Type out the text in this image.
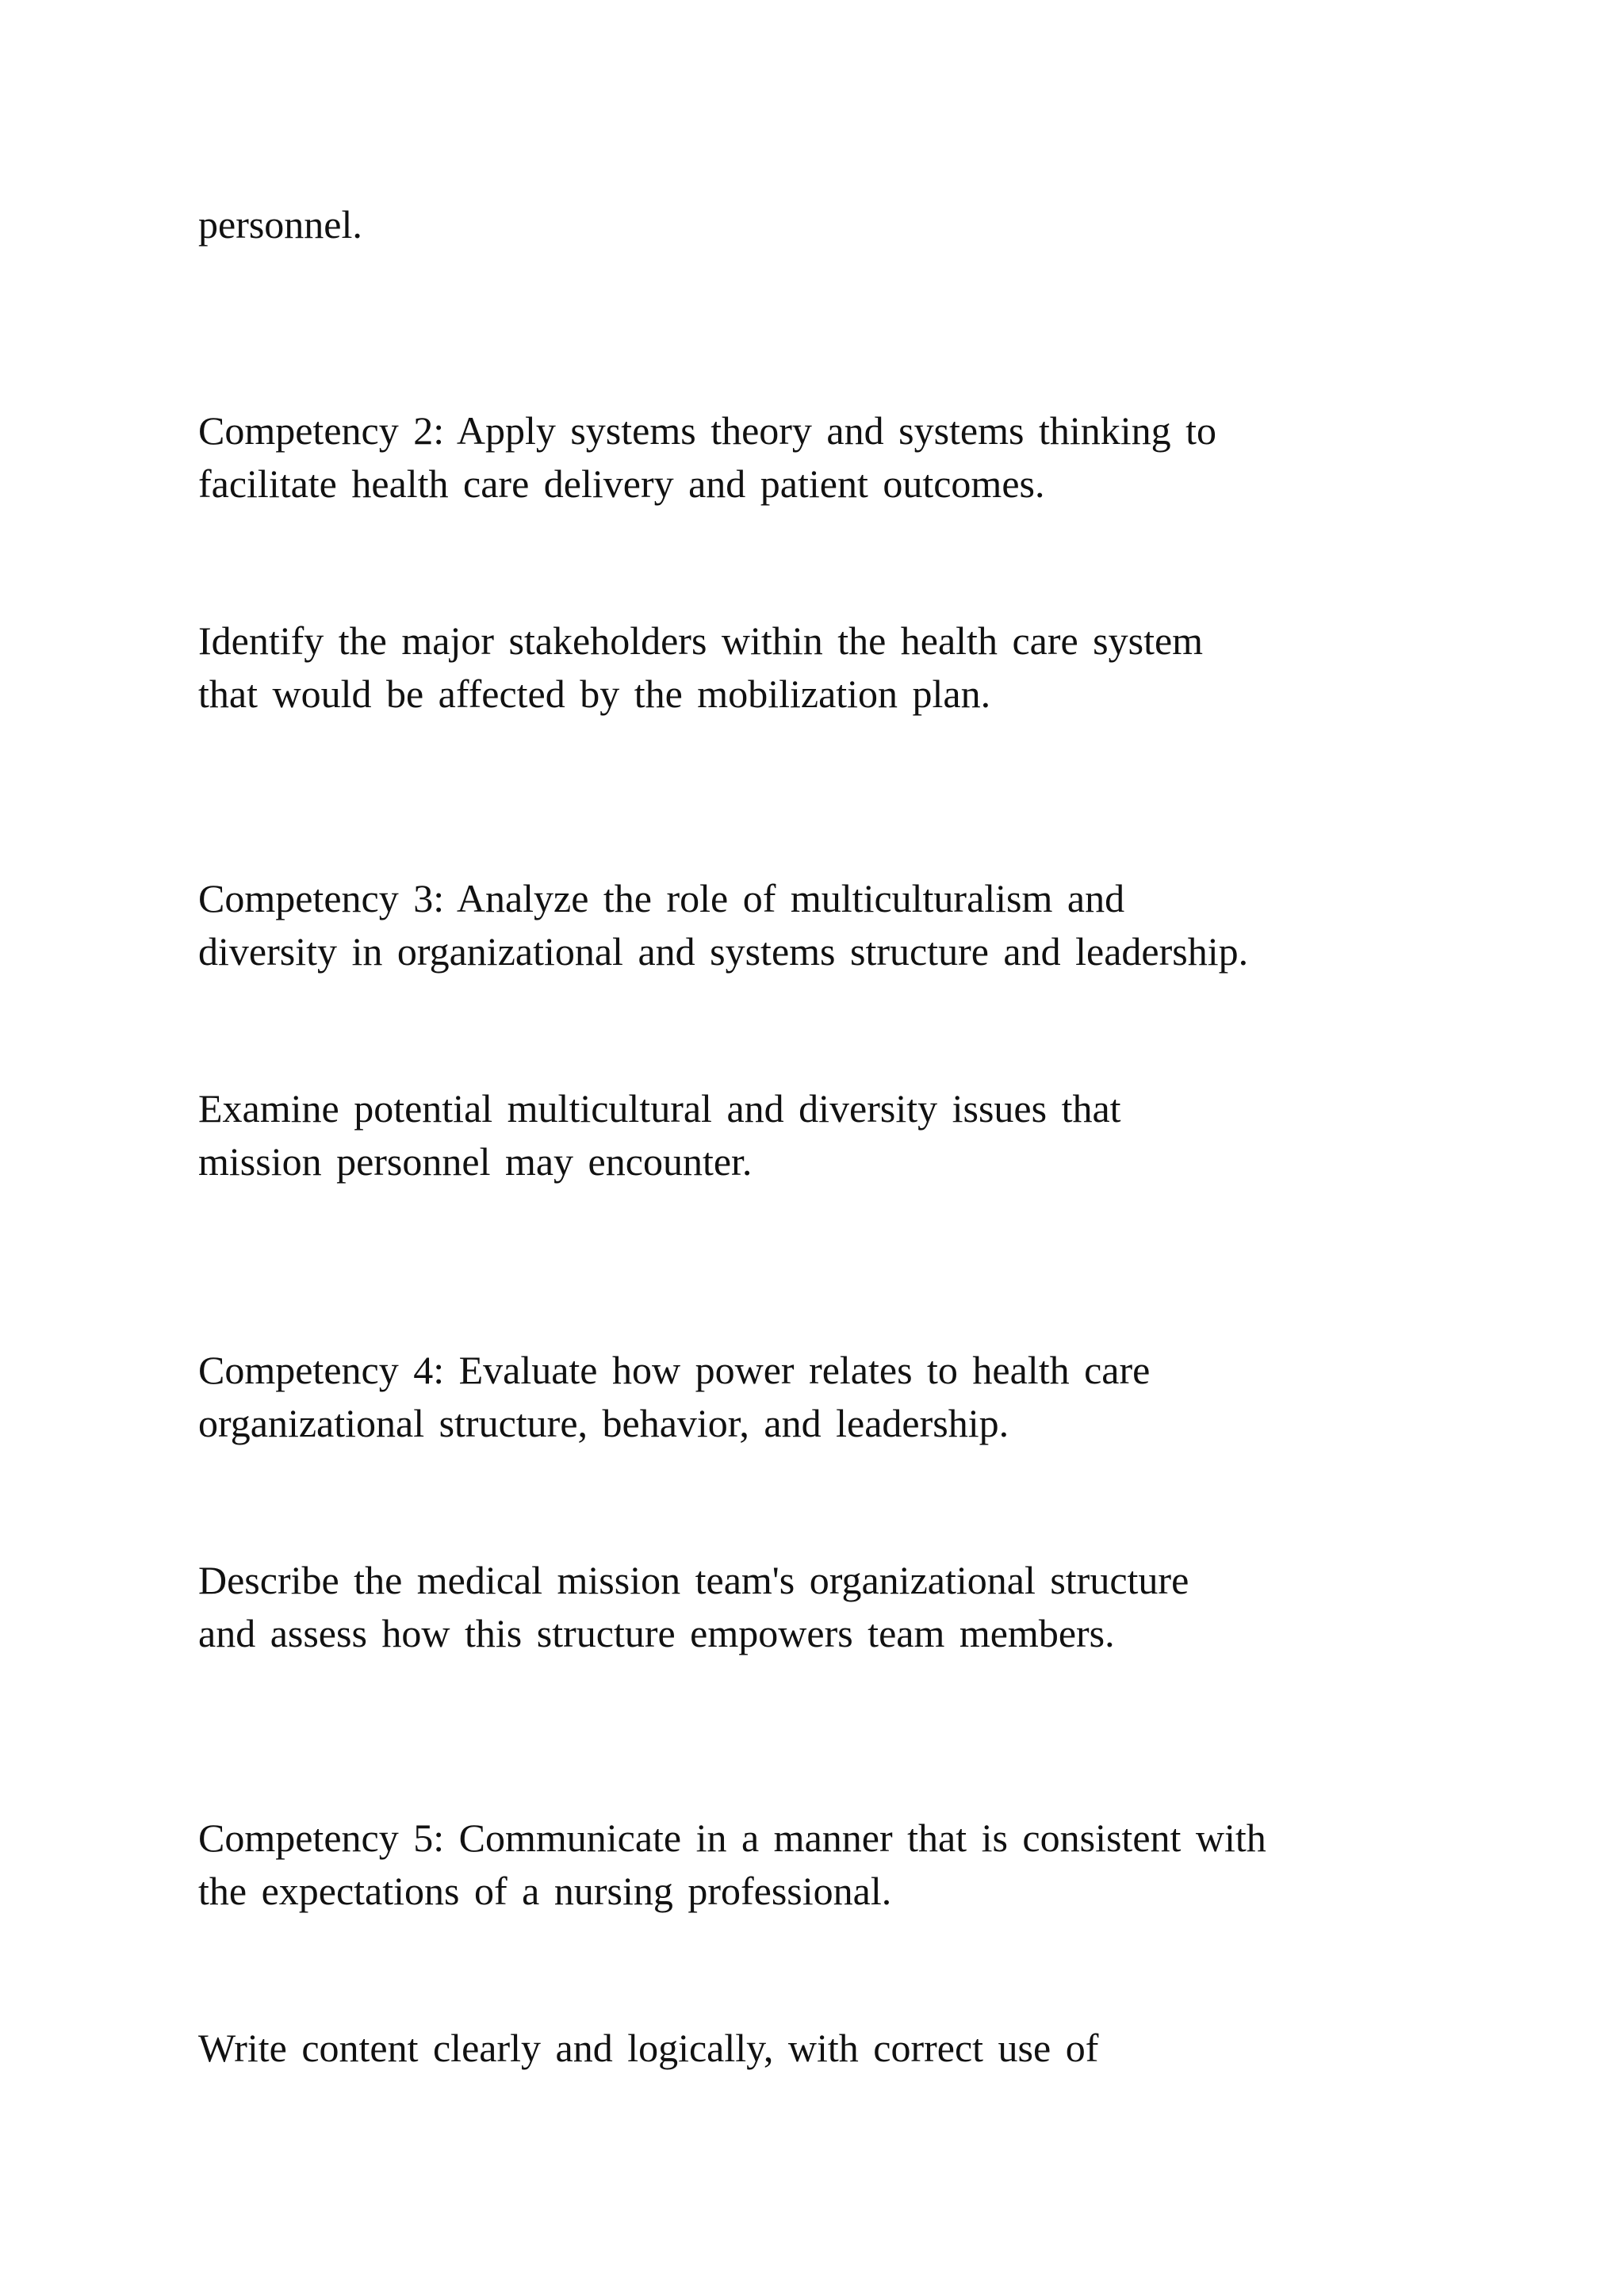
personnel.
Competency 2: Apply systems theory and systems thinking to
facilitate health care delivery and patient outcomes.
Identify the major stakeholders within the health care system
that would be affected by the mobilization plan.
Competency 3: Analyze the role of multiculturalism and
diversity in organizational and systems structure and leadership.
Examine potential multicultural and diversity issues that
mission personnel may encounter.
Competency 4: Evaluate how power relates to health care
organizational structure, behavior, and leadership.
Describe the medical mission team's organizational structure
and assess how this structure empowers team members.
Competency 5: Communicate in a manner that is consistent with
the expectations of a nursing professional.
Write content clearly and logically, with correct use of
